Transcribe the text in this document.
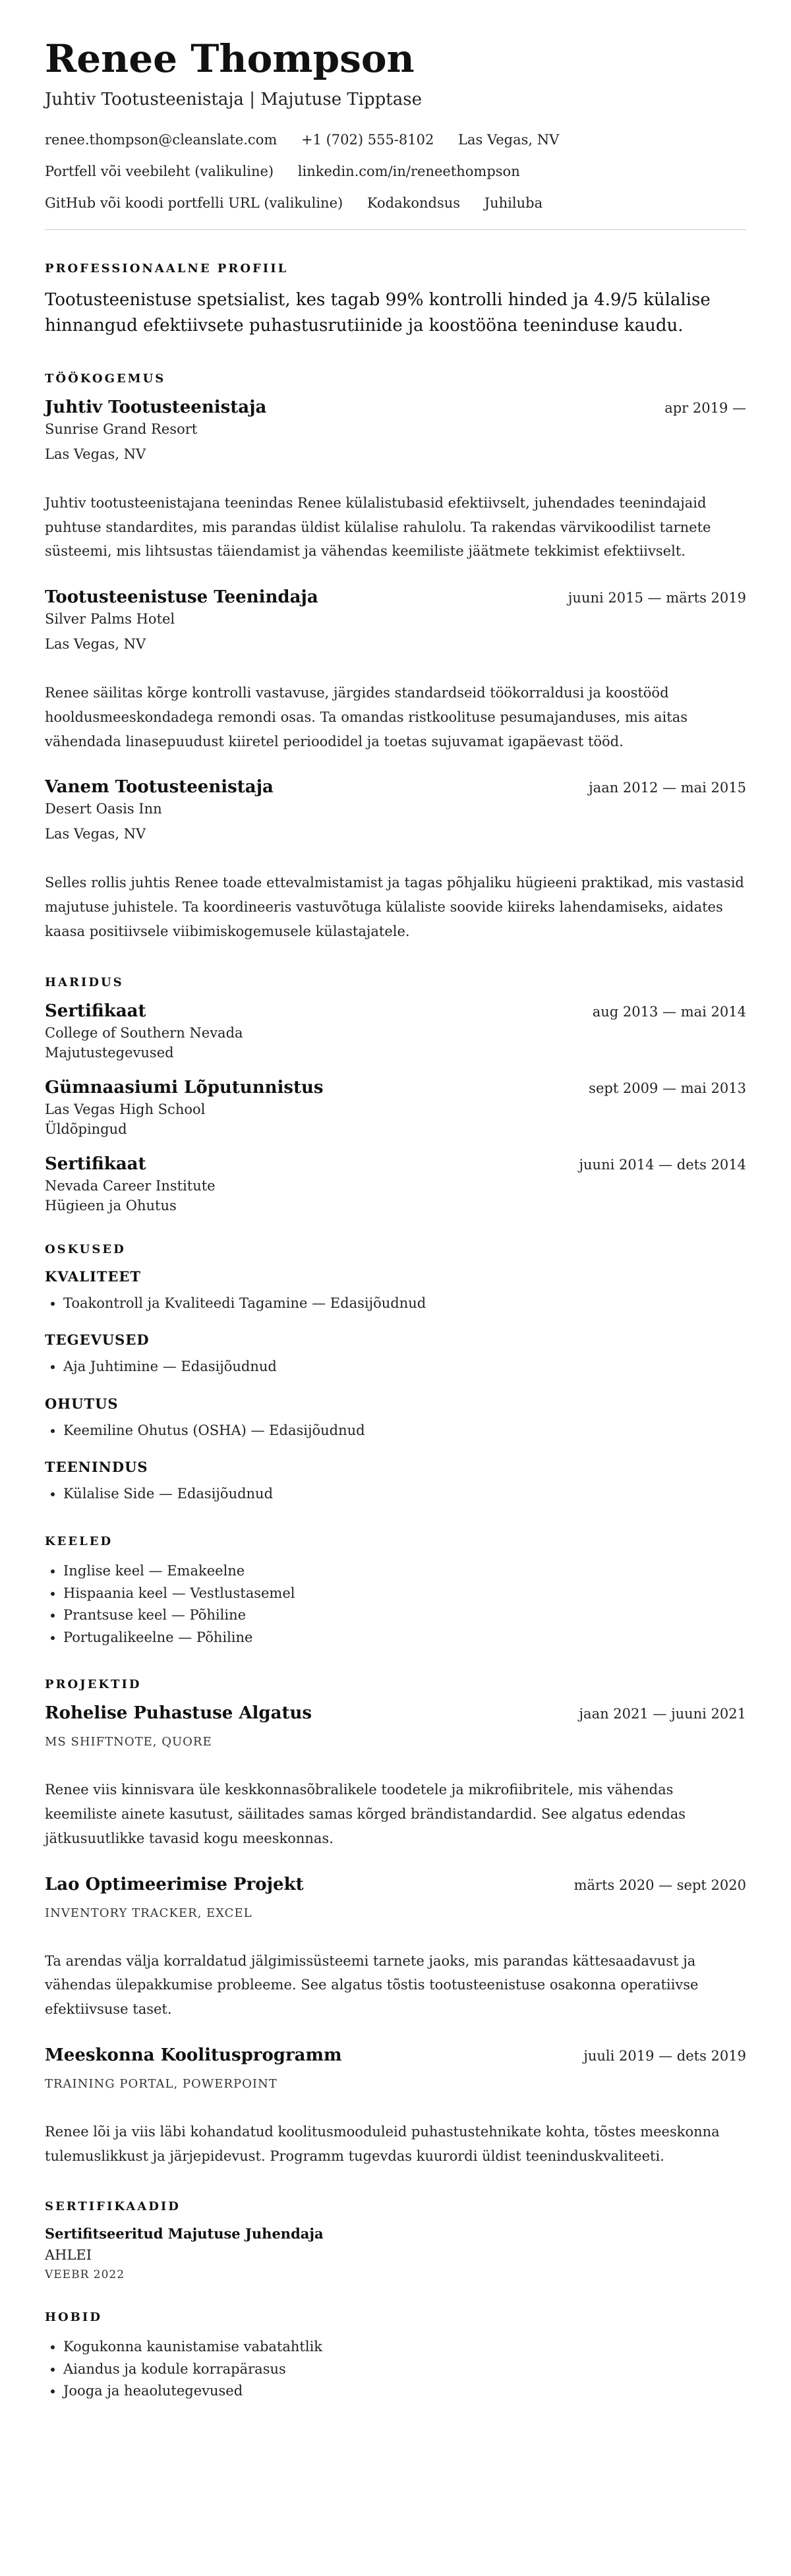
Renee Thompson
Juhtiv Tootusteenistaja | Majutuse Tipptase
renee.thompson@cleanslate.com +1 (702) 555-8102 Las Vegas, NV
Portfell või veebileht (valikuline) linkedin.com/in/reneethompson
GitHub või koodi portfelli URL (valikuline) Kodakondsus Juhiluba
PROFESSIONAALNE PROFIIL

Tootusteenistuse spetsialist, kes tagab 99% kontrolli hinded ja 4.9/5 külalise hinnangud efektiivsete puhastusrutiinide ja koostööna teeninduse kaudu.

TÖÖKOGEMUS
Juhtiv Tootusteenistaja	apr 2019 —
Sunrise Grand Resort
Las Vegas, NV

Juhtiv tootusteenistajana teenindas Renee külalistubasid efektiivselt, juhendades teenindajaid puhtuse standardites, mis parandas üldist külalise rahulolu. Ta rakendas värvikoodilist tarnete süsteemi, mis lihtsustas täiendamist ja vähendas keemiliste jäätmete tekkimist efektiivselt.

Tootusteenistuse Teenindaja	juuni 2015 — märts 2019
Silver Palms Hotel
Las Vegas, NV

Renee säilitas kõrge kontrolli vastavuse, järgides standardseid töökorraldusi ja koostööd hooldusmeeskondadega remondi osas. Ta omandas ristkoolituse pesumajanduses, mis aitas vähendada linasepuudust kiiretel perioodidel ja toetas sujuvamat igapäevast tööd.

Vanem Tootusteenistaja	jaan 2012 — mai 2015
Desert Oasis Inn
Las Vegas, NV

Selles rollis juhtis Renee toade ettevalmistamist ja tagas põhjaliku hügieeni praktikad, mis vastasid majutuse juhistele. Ta koordineeris vastuvõtuga külaliste soovide kiireks lahendamiseks, aidates kaasa positiivsele viibimiskogemusele külastajatele.

HARIDUS
Sertifikaat	aug 2013 — mai 2014
College of Southern Nevada
Majutustegevused
Gümnaasiumi Lõputunnistus	sept 2009 — mai 2013
Las Vegas High School
Üldõpingud
Sertifikaat	juuni 2014 — dets 2014
Nevada Career Institute
Hügieen ja Ohutus
OSKUSED
KVALITEET
• Toakontroll ja Kvaliteedi Tagamine — Edasijõudnud
TEGEVUSED
• Aja Juhtimine — Edasijõudnud
OHUTUS
• Keemiline Ohutus (OSHA) — Edasijõudnud
TEENINDUS
• Külalise Side — Edasijõudnud
KEELED
• Inglise keel — Emakeelne
• Hispaania keel — Vestlustasemel
• Prantsuse keel — Põhiline
• Portugalikeelne — Põhiline
PROJEKTID
Rohelise Puhastuse Algatus	jaan 2021 — juuni 2021
MS SHIFTNOTE, QUORE

Renee viis kinnisvara üle keskkonnasõbralikele toodetele ja mikrofiibritele, mis vähendas keemiliste ainete kasutust, säilitades samas kõrged brändistandardid. See algatus edendas jätkusuutlikke tavasid kogu meeskonnas.

Lao Optimeerimise Projekt	märts 2020 — sept 2020
INVENTORY TRACKER, EXCEL

Ta arendas välja korraldatud jälgimissüsteemi tarnete jaoks, mis parandas kättesaadavust ja vähendas ülepakkumise probleeme. See algatus tõstis tootusteenistuse osakonna operatiivse efektiivsuse taset.

Meeskonna Koolitusprogramm	juuli 2019 — dets 2019
TRAINING PORTAL, POWERPOINT

Renee lõi ja viis läbi kohandatud koolitusmooduleid puhastustehnikate kohta, tõstes meeskonna tulemuslikkust ja järjepidevust. Programm tugevdas kuurordi üldist teeninduskvaliteeti.

SERTIFIKAADID
Sertifitseeritud Majutuse Juhendaja
AHLEI
VEEBR 2022
HOBID
• Kogukonna kaunistamise vabatahtlik
• Aiandus ja kodule korrapärasus
• Jooga ja heaolutegevused
